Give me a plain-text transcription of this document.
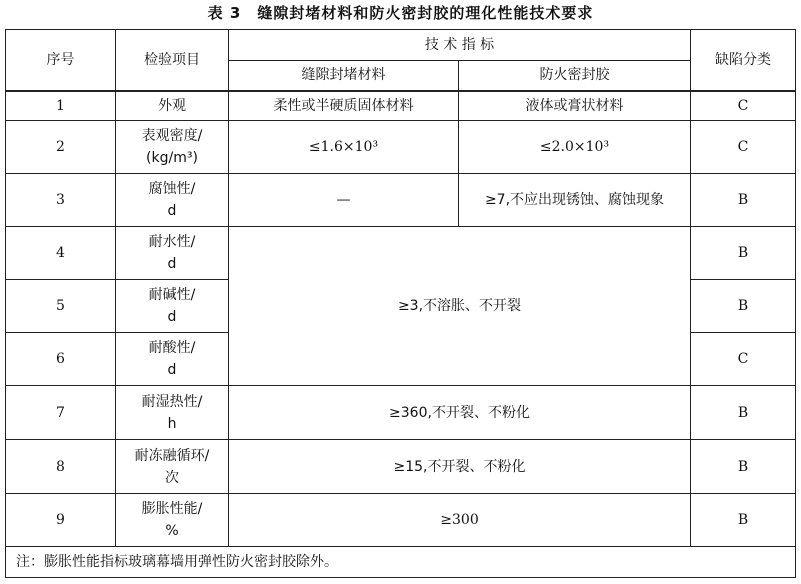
表 3　缝隙封堵材料和防火密封胶的理化性能技术要求
序号	检验项目	技 术 指 标		缺陷分类
		缝隙封堵材料	防火密封胶	
1	外观	柔性或半硬质固体材料	液体或膏状材料	C
2	表观密度/
(kg/m³)	≤1.6×10³	≤2.0×10³	C
3	腐蚀性/
d	—	≥7,不应出现锈蚀、腐蚀现象	B
4	耐水性/
d	≥3,不溶胀、不开裂		B
5	耐碱性/
d			B
6	耐酸性/
d			C
7	耐湿热性/
h	≥360,不开裂、不粉化		B
8	耐冻融循环/
次	≥15,不开裂、不粉化		B
9	膨胀性能/
%	≥300		B
注：膨胀性能指标玻璃幕墙用弹性防火密封胶除外。				
